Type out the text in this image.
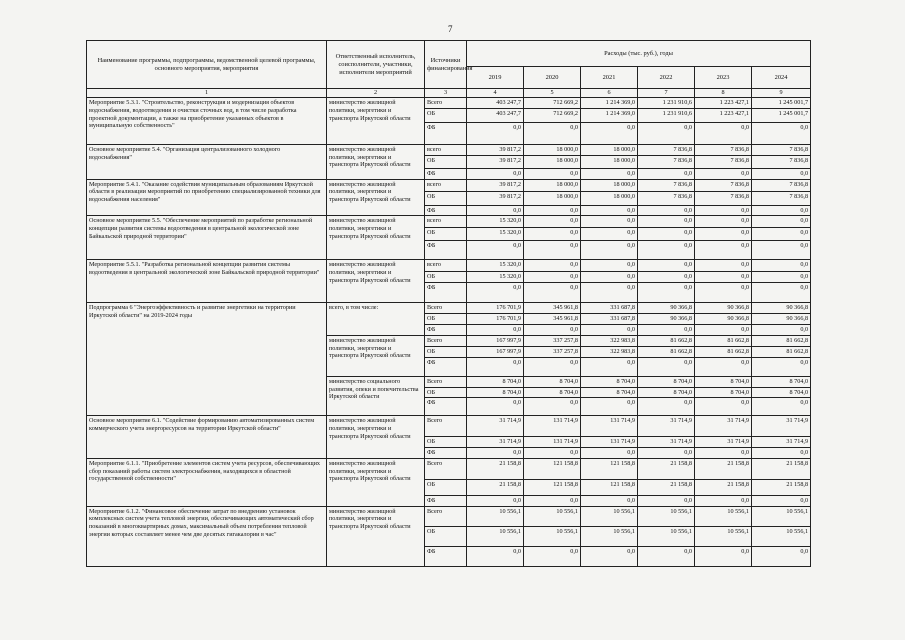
7
Наименование программы, подпрограммы, ведомственной целевой программы, основного мероприятия, мероприятия	Ответственный исполнитель, соисполнители, участники, исполнители мероприятий	Источники финансирования	Расходы (тыс. руб.), годы					
			2019	2020	2021	2022	2023	2024
1	2	3	4	5	6	7	8	9
Мероприятие 5.3.1. "Строительство, реконструкция и модернизация объектов водоснабжения, водоотведения и очистки сточных вод, в том числе разработка проектной документации, а также на приобретение указанных объектов в муниципальную собственность"	министерство жилищной политики, энергетики и транспорта Иркутской области	Всего	403 247,7	712 669,2	1 214 369,0	1 231 910,6	1 223 427,1	1 245 001,7
		ОБ	403 247,7	712 669,2	1 214 369,0	1 231 910,6	1 223 427,1	1 245 001,7
		ФБ	0,0	0,0	0,0	0,0	0,0	0,0
Основное мероприятие 5.4. "Организация централизованного холодного водоснабжения"	министерство жилищной политики, энергетики и транспорта Иркутской области	всего	39 817,2	18 000,0	18 000,0	7 836,8	7 836,8	7 836,8
		ОБ	39 817,2	18 000,0	18 000,0	7 836,8	7 836,8	7 836,8
		ФБ	0,0	0,0	0,0	0,0	0,0	0,0
Мероприятие 5.4.1. "Оказание содействия муниципальным образованиям Иркутской области в реализации мероприятий по приобретению специализированной техники для водоснабжения населения"	министерство жилищной политики, энергетики и транспорта Иркутской области	всего	39 817,2	18 000,0	18 000,0	7 836,8	7 836,8	7 836,8
		ОБ	39 817,2	18 000,0	18 000,0	7 836,8	7 836,8	7 836,8
		ФБ	0,0	0,0	0,0	0,0	0,0	0,0
Основное мероприятие 5.5. "Обеспечение мероприятий по разработке региональной концепции развития системы водоотведения в центральной экологической зоне Байкальской природной территории"	министерство жилищной политики, энергетики и транспорта Иркутской области	всего	15 320,0	0,0	0,0	0,0	0,0	0,0
		ОБ	15 320,0	0,0	0,0	0,0	0,0	0,0
		ФБ	0,0	0,0	0,0	0,0	0,0	0,0
Мероприятие 5.5.1. "Разработка региональной концепции развития системы водоотведения в центральной экологической зоне Байкальской природной территории"	министерство жилищной политики, энергетики и транспорта Иркутской области	всего	15 320,0	0,0	0,0	0,0	0,0	0,0
		ОБ	15 320,0	0,0	0,0	0,0	0,0	0,0
		ФБ	0,0	0,0	0,0	0,0	0,0	0,0
Подпрограмма 6 "Энергоэффективность и развитие энергетики на территории Иркутской области" на 2019-2024 годы	всего, в том числе:	Всего	176 701,9	345 961,8	331 687,8	90 366,8	90 366,8	90 366,8
		ОБ	176 701,9	345 961,8	331 687,8	90 366,8	90 366,8	90 366,8
		ФБ	0,0	0,0	0,0	0,0	0,0	0,0
	министерство жилищной политики, энергетики и транспорта Иркутской области	Всего	167 997,9	337 257,8	322 983,8	81 662,8	81 662,8	81 662,8
		ОБ	167 997,9	337 257,8	322 983,8	81 662,8	81 662,8	81 662,8
		ФБ	0,0	0,0	0,0	0,0	0,0	0,0
	министерство социального развития, опеки и попечительства Иркутской области	Всего	8 704,0	8 704,0	8 704,0	8 704,0	8 704,0	8 704,0
		ОБ	8 704,0	8 704,0	8 704,0	8 704,0	8 704,0	8 704,0
		ФБ	0,0	0,0	0,0	0,0	0,0	0,0
Основное мероприятие 6.1. "Содействие формированию автоматизированных систем коммерческого учета энергоресурсов на территории Иркутской области"	министерство жилищной политики, энергетики и транспорта Иркутской области	Всего	31 714,9	131 714,9	131 714,9	31 714,9	31 714,9	31 714,9
		ОБ	31 714,9	131 714,9	131 714,9	31 714,9	31 714,9	31 714,9
		ФБ	0,0	0,0	0,0	0,0	0,0	0,0
Мероприятие 6.1.1. "Приобретение элементов систем учета ресурсов, обеспечивающих сбор показаний работы систем электроснабжения, находящихся в областной государственной собственности"	министерство жилищной политики, энергетики и транспорта Иркутской области	Всего	21 158,8	121 158,8	121 158,8	21 158,8	21 158,8	21 158,8
		ОБ	21 158,8	121 158,8	121 158,8	21 158,8	21 158,8	21 158,8
		ФБ	0,0	0,0	0,0	0,0	0,0	0,0
Мероприятие 6.1.2. "Финансовое обеспечение затрат по внедрению установок комплексных систем учета тепловой энергии, обеспечивающих автоматический сбор показаний в многоквартирных домах, максимальный объем потребления тепловой энергии которых составляет менее чем две десятых гигакалории в час"	министерство жилищной политики, энергетики и транспорта Иркутской области	Всего	10 556,1	10 556,1	10 556,1	10 556,1	10 556,1	10 556,1
		ОБ	10 556,1	10 556,1	10 556,1	10 556,1	10 556,1	10 556,1
		ФБ	0,0	0,0	0,0	0,0	0,0	0,0
